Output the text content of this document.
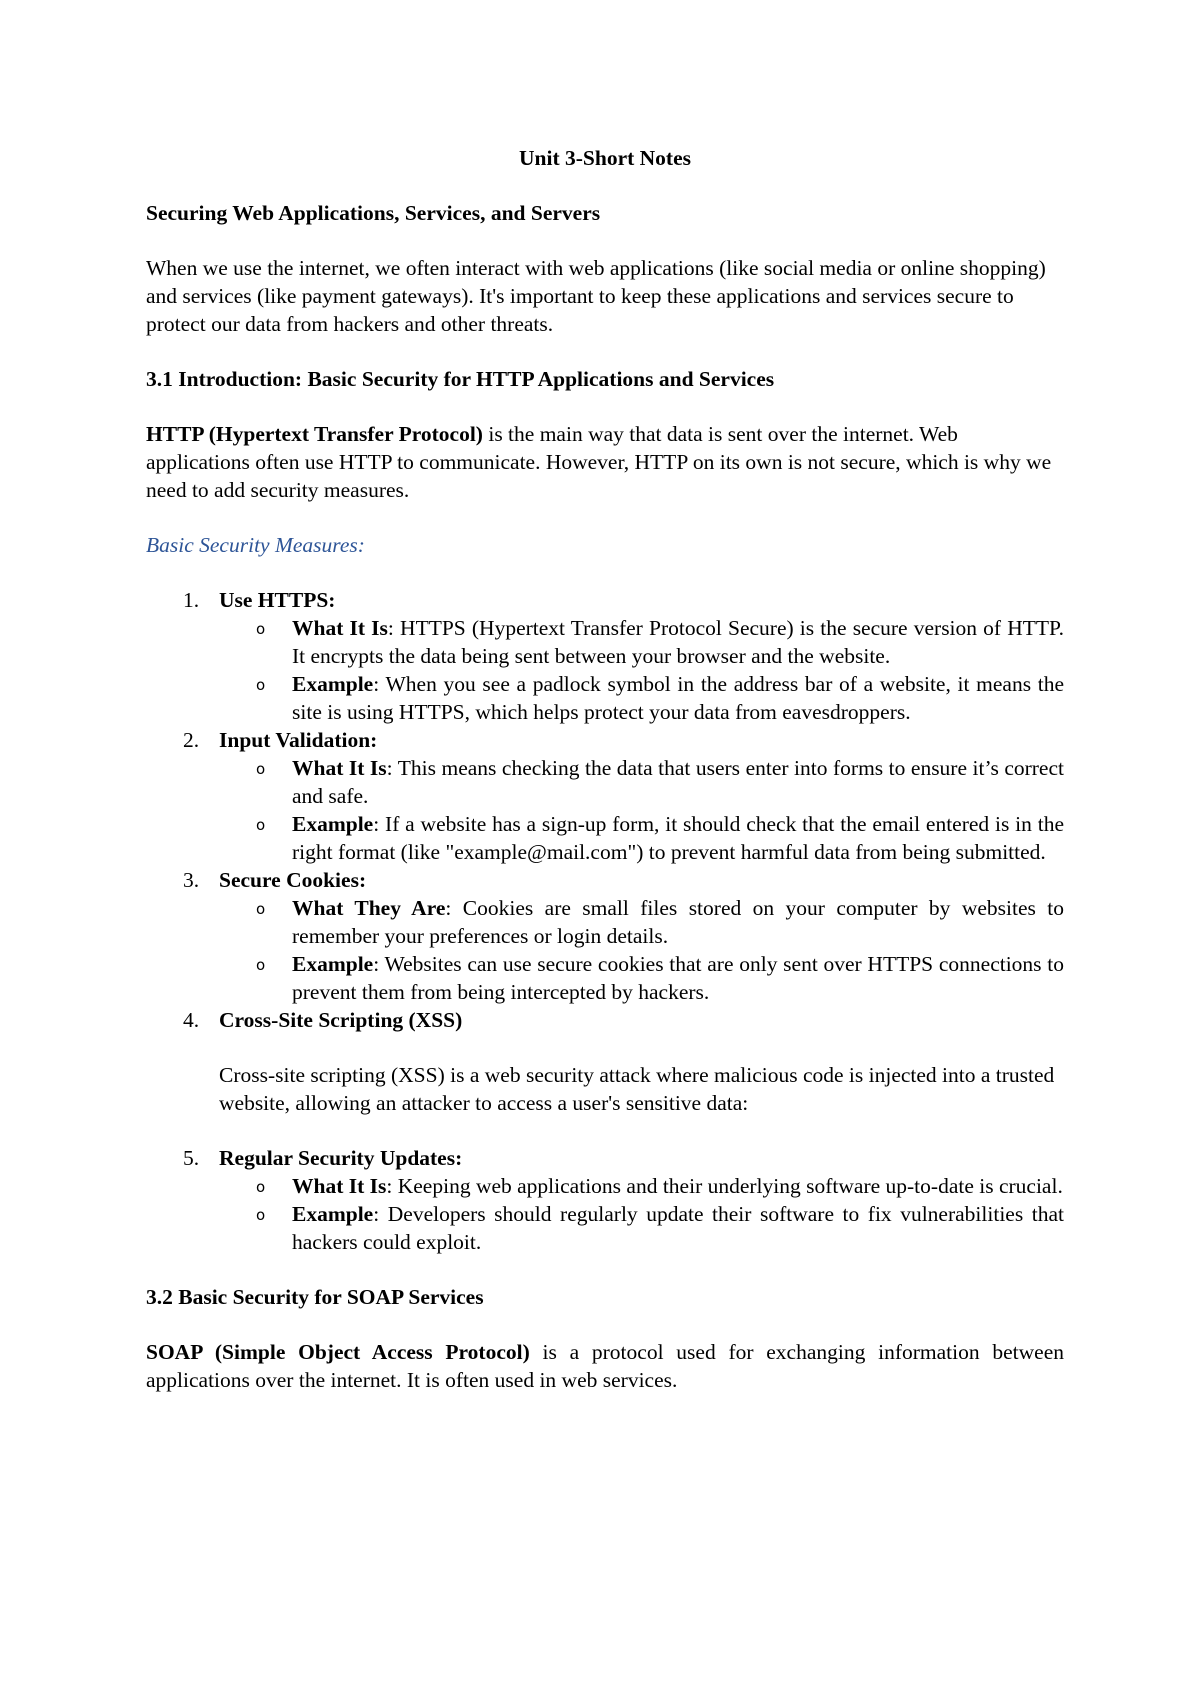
Unit 3-Short Notes
Securing Web Applications, Services, and Servers
When we use the internet, we often interact with web applications (like social media or online shopping) and services (like payment gateways). It's important to keep these applications and services secure to protect our data from hackers and other threats.
3.1 Introduction: Basic Security for HTTP Applications and Services
HTTP (Hypertext Transfer Protocol) is the main way that data is sent over the internet. Web applications often use HTTP to communicate. However, HTTP on its own is not secure, which is why we need to add security measures.
Basic Security Measures:
1. Use HTTPS:
o What It Is: HTTPS (Hypertext Transfer Protocol Secure) is the secure version of HTTP. It encrypts the data being sent between your browser and the website.
o Example: When you see a padlock symbol in the address bar of a website, it means the site is using HTTPS, which helps protect your data from eavesdroppers.
2. Input Validation:
o What It Is: This means checking the data that users enter into forms to ensure it’s correct and safe.
o Example: If a website has a sign-up form, it should check that the email entered is in the right format (like "example@mail.com") to prevent harmful data from being submitted.
3. Secure Cookies:
o What They Are: Cookies are small files stored on your computer by websites to remember your preferences or login details.
o Example: Websites can use secure cookies that are only sent over HTTPS connections to prevent them from being intercepted by hackers.
4. Cross-Site Scripting (XSS)
Cross-site scripting (XSS) is a web security attack where malicious code is injected into a trusted website, allowing an attacker to access a user's sensitive data:
5. Regular Security Updates:
o What It Is: Keeping web applications and their underlying software up-to-date is crucial.
o Example: Developers should regularly update their software to fix vulnerabilities that hackers could exploit.
3.2 Basic Security for SOAP Services
SOAP (Simple Object Access Protocol) is a protocol used for exchanging information between applications over the internet. It is often used in web services.
